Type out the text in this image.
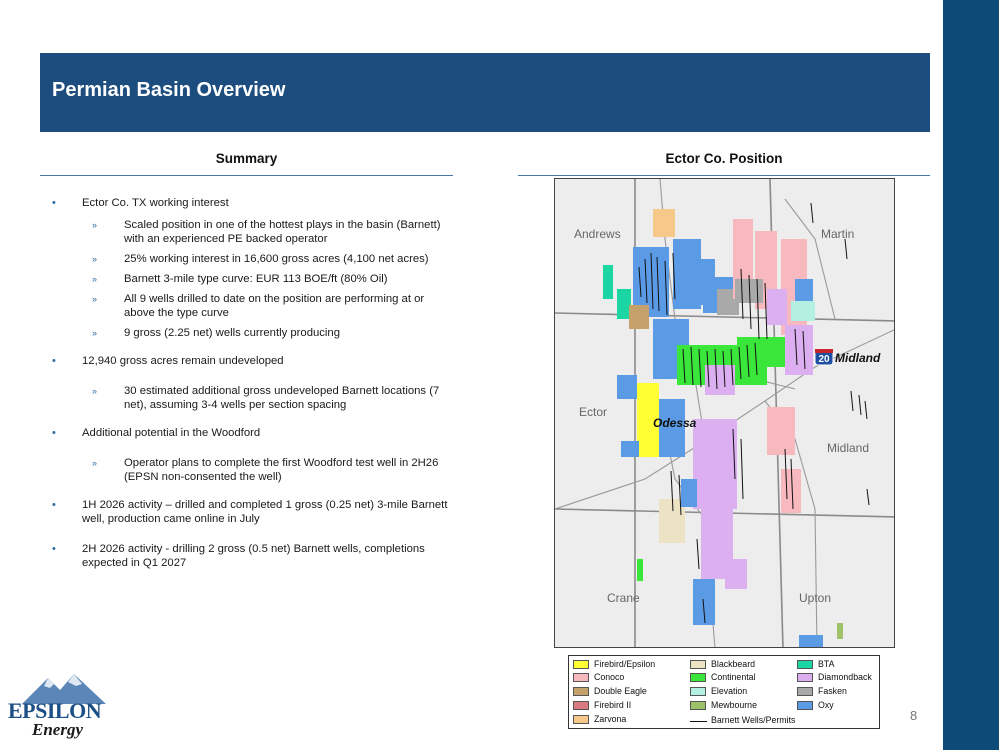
Permian Basin Overview
Summary	Ector Co. Position
• Ector Co. TX working interest
» Scaled position in one of the hottest plays in the basin (Barnett) with an experienced PE backed operator
» 25% working interest in 16,600 gross acres (4,100 net acres)
» Barnett 3-mile type curve: EUR 113 BOE/ft (80% Oil)
» All 9 wells drilled to date on the position are performing at or above the type curve
» 9 gross (2.25 net) wells currently producing
• 12,940 gross acres remain undeveloped
» 30 estimated additional gross undeveloped Barnett locations (7 net), assuming 3-4 wells per section spacing
• Additional potential in the Woodford
» Operator plans to complete the first Woodford test well in 2H26 (EPSN non-consented the well)
• 1H 2026 activity – drilled and completed 1 gross (0.25 net) 3-mile Barnett well, production came online in July
• 2H 2026 activity - drilling 2 gross (0.5 net) Barnett wells, completions expected in Q1 2027
Andrews	Martin
Ector
Midland
Crane	Upton
20 Midland
Odessa
Firebird/Epsilon
Conoco
Double Eagle
Firebird II
Zarvona
Blackbeard
Continental
Elevation
Mewbourne
Barnett Wells/Permits
BTA
Diamondback
Fasken
Oxy
8
EPSILON
Energy
